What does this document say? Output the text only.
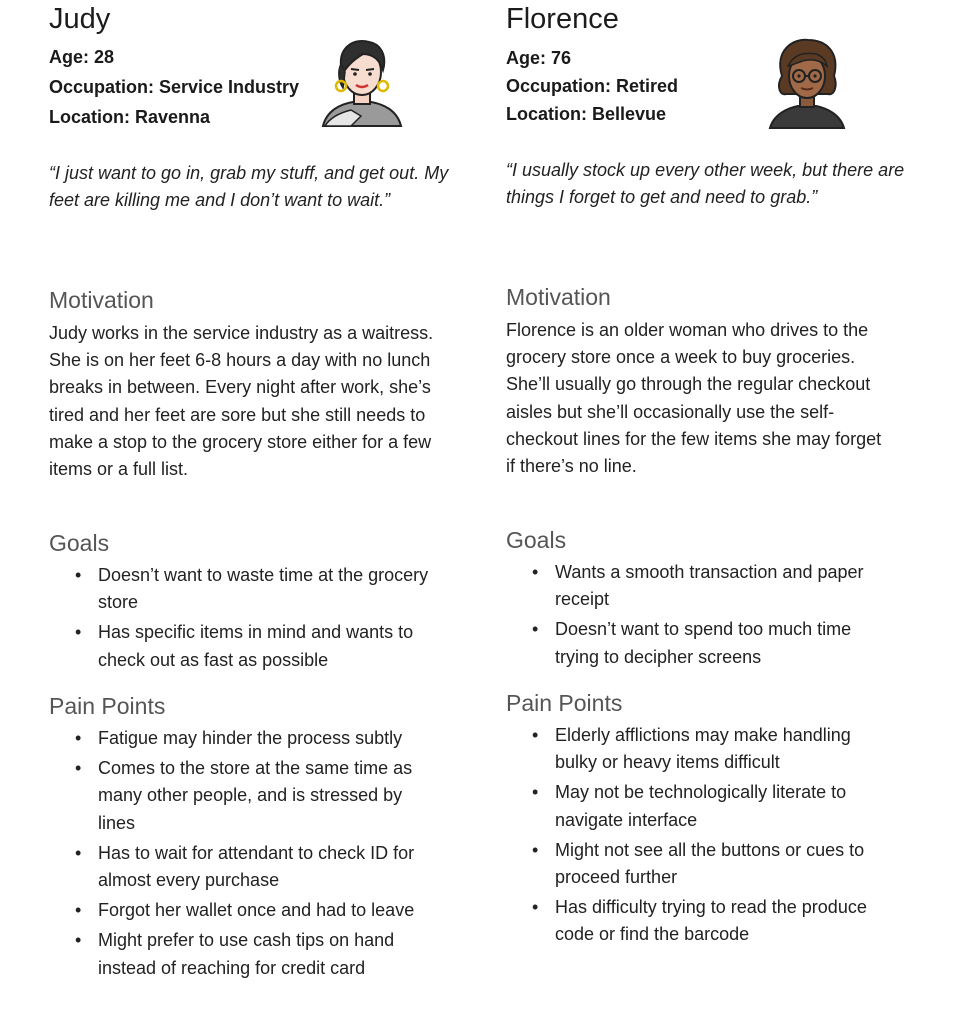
Judy
Age: 28
Occupation: Service Industry
Location: Ravenna

“I just want to go in, grab my stuff, and get out. My feet are killing me and I don’t want to wait.”

Motivation

Judy works in the service industry as a waitress. She is on her feet 6-8 hours a day with no lunch breaks in between. Every night after work, she’s tired and her feet are sore but she still needs to make a stop to the grocery store either for a few items or a full list.

Goals
• Doesn’t want to waste time at the grocery store
• Has specific items in mind and wants to check out as fast as possible
Pain Points
• Fatigue may hinder the process subtly
• Comes to the store at the same time as many other people, and is stressed by lines
• Has to wait for attendant to check ID for almost every purchase
• Forgot her wallet once and had to leave
• Might prefer to use cash tips on hand instead of reaching for credit card
Florence
Age: 76
Occupation: Retired
Location: Bellevue

“I usually stock up every other week, but there are things I forget to get and need to grab.”

Motivation

Florence is an older woman who drives to the grocery store once a week to buy groceries. She’ll usually go through the regular checkout aisles but she’ll occasionally use the self-checkout lines for the few items she may forget if there’s no line.

Goals
• Wants a smooth transaction and paper receipt
• Doesn’t want to spend too much time trying to decipher screens
Pain Points
• Elderly afflictions may make handling bulky or heavy items difficult
• May not be technologically literate to navigate interface
• Might not see all the buttons or cues to proceed further
• Has difficulty trying to read the produce code or find the barcode
